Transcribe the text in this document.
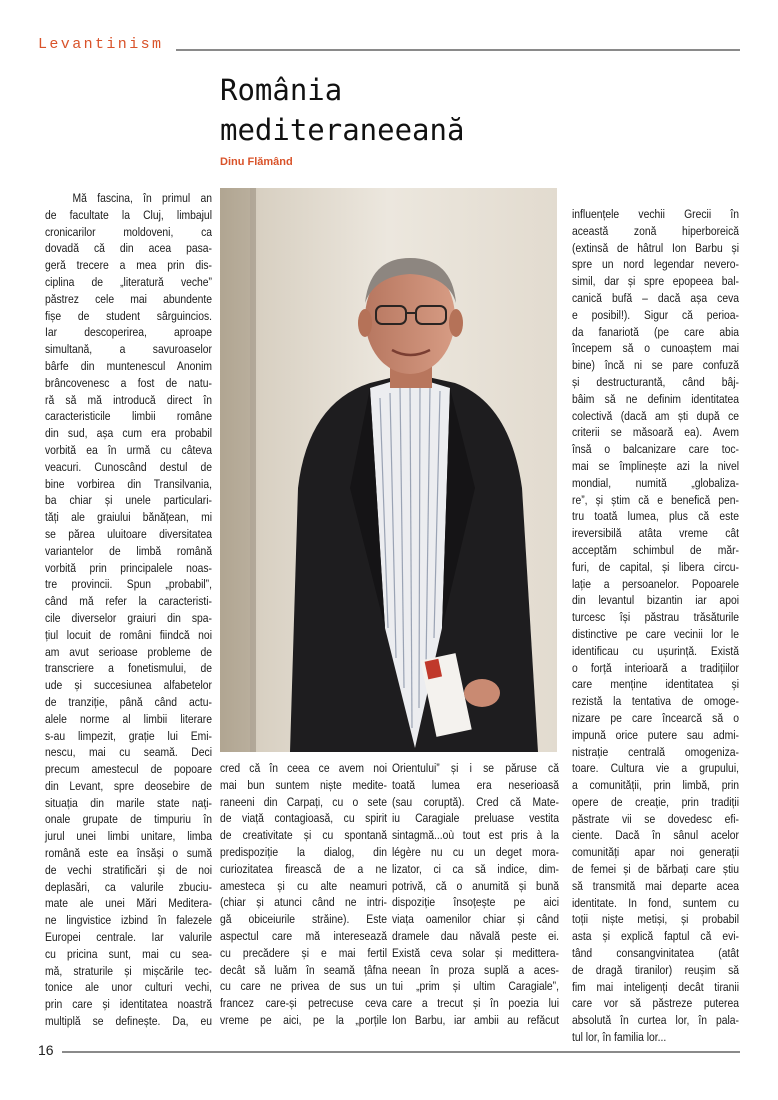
Levantinism
România
mediteraneeană
Dinu Flămând
Mă fascina, în primul an
de facultate la Cluj, limbajul
cronicarilor moldoveni, ca
dovadă că din acea pasa-
geră trecere a mea prin dis-
ciplina de „literatură veche”
păstrez cele mai abundente
fișe de student sârguincios.
Iar descoperirea, aproape
simultană, a savuroaselor
bârfe din muntenescul Anonim
brâncovenesc a fost de natu-
ră să mă introducă direct în
caracteristicile limbii române
din sud, așa cum era probabil
vorbită ea în urmă cu câteva
veacuri. Cunoscând destul de
bine vorbirea din Transilvania,
ba chiar și unele particulari-
tăți ale graiului bănățean, mi
se părea uluitoare diversitatea
variantelor de limbă română
vorbită prin principalele noas-
tre provincii. Spun „probabil”,
când mă refer la caracteristi-
cile diverselor graiuri din spa-
țiul locuit de români fiindcă noi
am avut serioase probleme de
transcriere a fonetismului, de
ude și succesiunea alfabetelor
de tranziție, până când actu-
alele norme al limbii literare
s-au limpezit, grație lui Emi-
nescu, mai cu seamă. Deci
precum amestecul de popoare
din Levant, spre deosebire de
situația din marile state nați-
onale grupate de timpuriu în
jurul unei limbi unitare, limba
română este ea însăși o sumă
de vechi stratificări și de noi
deplasări, ca valurile zbuciu-
mate ale unei Mări Meditera-
ne lingvistice izbind în falezele
Europei centrale. Iar valurile
cu pricina sunt, mai cu sea-
mă, straturile și mișcările tec-
tonice ale unor culturi vechi,
prin care și identitatea noastră
multiplă se definește. Da, eu
cred că în ceea ce avem noi
mai bun suntem niște medite-
raneeni din Carpați, cu o sete
de viață contagioasă, cu spirit
de creativitate și cu spontană
predispoziție la dialog, din
curiozitatea firească de a ne
amesteca și cu alte neamuri
(chiar și atunci când ne intri-
gă obiceiurile străine). Este
aspectul care mă interesează
cu precădere și e mai fertil
decât să luăm în seamă țâfna
cu care ne privea de sus un
francez care-și petrecuse ceva
vreme pe aici, pe la „porțile
Orientului” și i se păruse că
toată lumea era neserioasă
(sau coruptă). Cred că Mate-
iu Caragiale preluase vestita
sintagmă...où tout est pris à la
légère nu cu un deget mora-
lizator, ci ca să indice, dim-
potrivă, că o anumită și bună
dispoziție însoțește pe aici
viața oamenilor chiar și când
dramele dau năvală peste ei.
Există ceva solar și medittera-
neean în proza suplă a aces-
tui „prim și ultim Caragiale”,
care a trecut și în poezia lui
Ion Barbu, iar ambii au refăcut
influențele vechii Grecii în
această zonă hiperboreică
(extinsă de hâtrul Ion Barbu și
spre un nord legendar nevero-
simil, dar și spre epopeea bal-
canică bufă – dacă așa ceva
e posibil!). Sigur că perioa-
da fanariotă (pe care abia
începem să o cunoaștem mai
bine) încă ni se pare confuză
și destructurantă, când bâj-
bâim să ne definim identitatea
colectivă (dacă am ști după ce
criterii se măsoară ea). Avem
însă o balcanizare care toc-
mai se împlinește azi la nivel
mondial, numită „globaliza-
re”, și știm că e benefică pen-
tru toată lumea, plus că este
ireversibilă atâta vreme cât
acceptăm schimbul de măr-
furi, de capital, și libera circu-
lație a persoanelor. Popoarele
din levantul bizantin iar apoi
turcesc își păstrau trăsăturile
distinctive pe care vecinii lor le
identificau cu ușurință. Există
o forță interioară a tradițiilor
care menține identitatea și
rezistă la tentativa de omoge-
nizare pe care încearcă să o
impună orice putere sau admi-
nistrație centrală omogeniza-
toare. Cultura vie a grupului,
a comunității, prin limbă, prin
opere de creație, prin tradiții
păstrate vii se dovedesc efi-
ciente. Dacă în sânul acelor
comunități apar noi generații
de femei și de bărbați care știu
să transmită mai departe acea
identitate. In fond, suntem cu
toții niște metiși, și probabil
asta și explică faptul că evi-
tând consangvinitatea (atât
de dragă tiranilor) reușim să
fim mai inteligenți decât tiranii
care vor să păstreze puterea
absolută în curtea lor, în pala-
tul lor, în familia lor...
16
